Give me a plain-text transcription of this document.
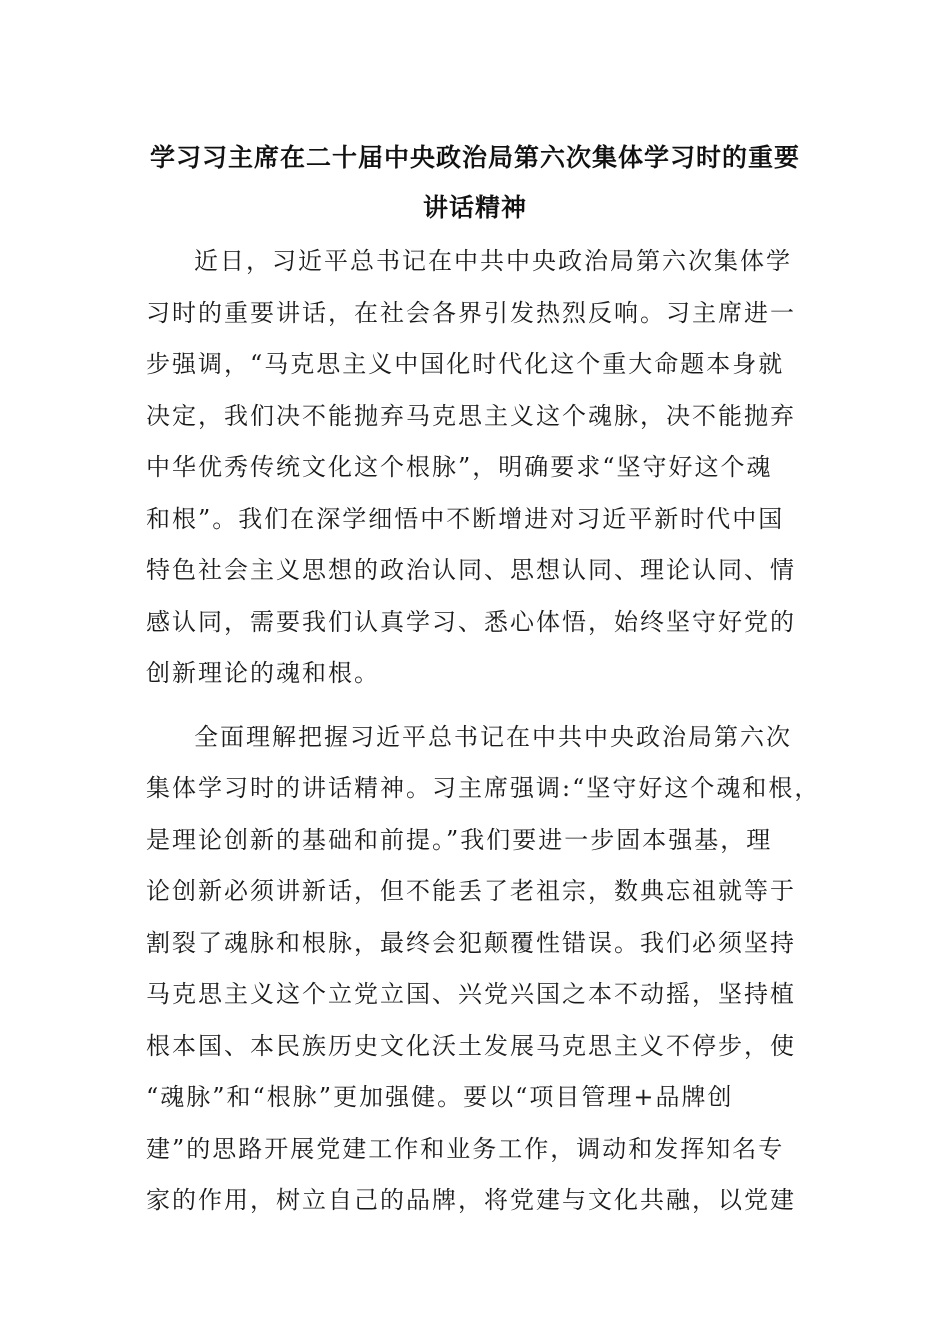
学习习主席在二十届中央政治局第六次集体学习时的重要
讲话精神
近日，习近平总书记在中共中央政治局第六次集体学
习时的重要讲话，在社会各界引发热烈反响。习主席进一
步强调，“马克思主义中国化时代化这个重大命题本身就
决定，我们决不能抛弃马克思主义这个魂脉，决不能抛弃
中华优秀传统文化这个根脉”，明确要求“坚守好这个魂
和根”。我们在深学细悟中不断增进对习近平新时代中国
特色社会主义思想的政治认同、思想认同、理论认同、情
感认同，需要我们认真学习、悉心体悟，始终坚守好党的
创新理论的魂和根。
全面理解把握习近平总书记在中共中央政治局第六次
集体学习时的讲话精神。习主席强调:“坚守好这个魂和根，
是理论创新的基础和前提。”我们要进一步固本强基，理
论创新必须讲新话，但不能丢了老祖宗，数典忘祖就等于
割裂了魂脉和根脉，最终会犯颠覆性错误。我们必须坚持
马克思主义这个立党立国、兴党兴国之本不动摇，坚持植
根本国、本民族历史文化沃土发展马克思主义不停步，使
“魂脉”和“根脉”更加强健。要以“项目管理+品牌创
建”的思路开展党建工作和业务工作，调动和发挥知名专
家的作用，树立自己的品牌，将党建与文化共融，以党建
